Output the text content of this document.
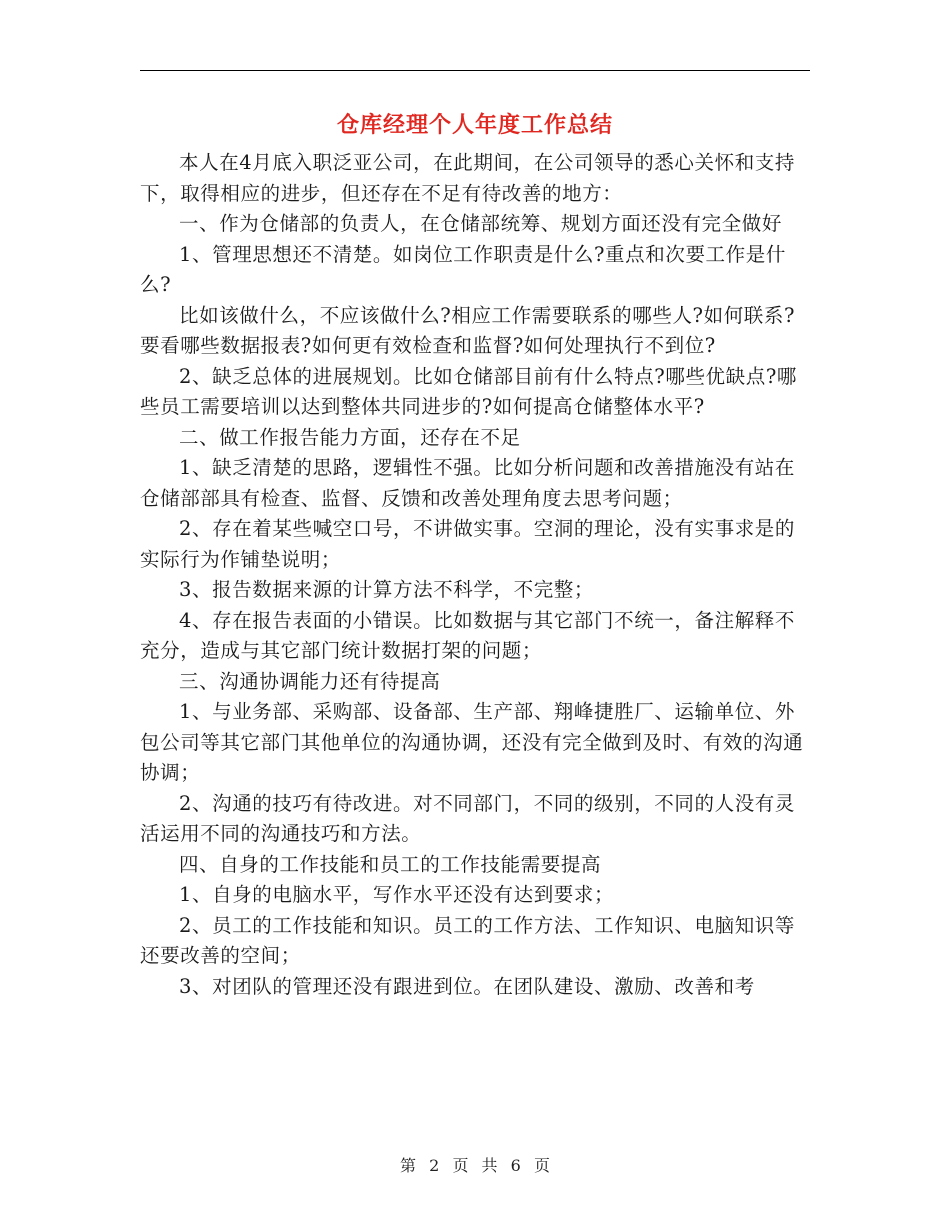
仓库经理个人年度工作总结

本人在4月底入职泛亚公司，在此期间，在公司领导的悉心关怀和支持下，取得相应的进步，但还存在不足有待改善的地方：

一、作为仓储部的负责人，在仓储部统筹、规划方面还没有完全做好

1、管理思想还不清楚。如岗位工作职责是什么?重点和次要工作是什么?

比如该做什么，不应该做什么?相应工作需要联系的哪些人?如何联系?要看哪些数据报表?如何更有效检查和监督?如何处理执行不到位?

2、缺乏总体的进展规划。比如仓储部目前有什么特点?哪些优缺点?哪些员工需要培训以达到整体共同进步的?如何提高仓储整体水平?

二、做工作报告能力方面，还存在不足

1、缺乏清楚的思路，逻辑性不强。比如分析问题和改善措施没有站在仓储部部具有检查、监督、反馈和改善处理角度去思考问题；

2、存在着某些喊空口号，不讲做实事。空洞的理论，没有实事求是的实际行为作铺垫说明；

3、报告数据来源的计算方法不科学，不完整；

4、存在报告表面的小错误。比如数据与其它部门不统一，备注解释不充分，造成与其它部门统计数据打架的问题；

三、沟通协调能力还有待提高

1、与业务部、采购部、设备部、生产部、翔峰捷胜厂、运输单位、外包公司等其它部门其他单位的沟通协调，还没有完全做到及时、有效的沟通协调；

2、沟通的技巧有待改进。对不同部门，不同的级别，不同的人没有灵活运用不同的沟通技巧和方法。

四、自身的工作技能和员工的工作技能需要提高

1、自身的电脑水平，写作水平还没有达到要求；

2、员工的工作技能和知识。员工的工作方法、工作知识、电脑知识等还要改善的空间；

3、对团队的管理还没有跟进到位。在团队建设、激励、改善和考

第 2 页 共 6 页
